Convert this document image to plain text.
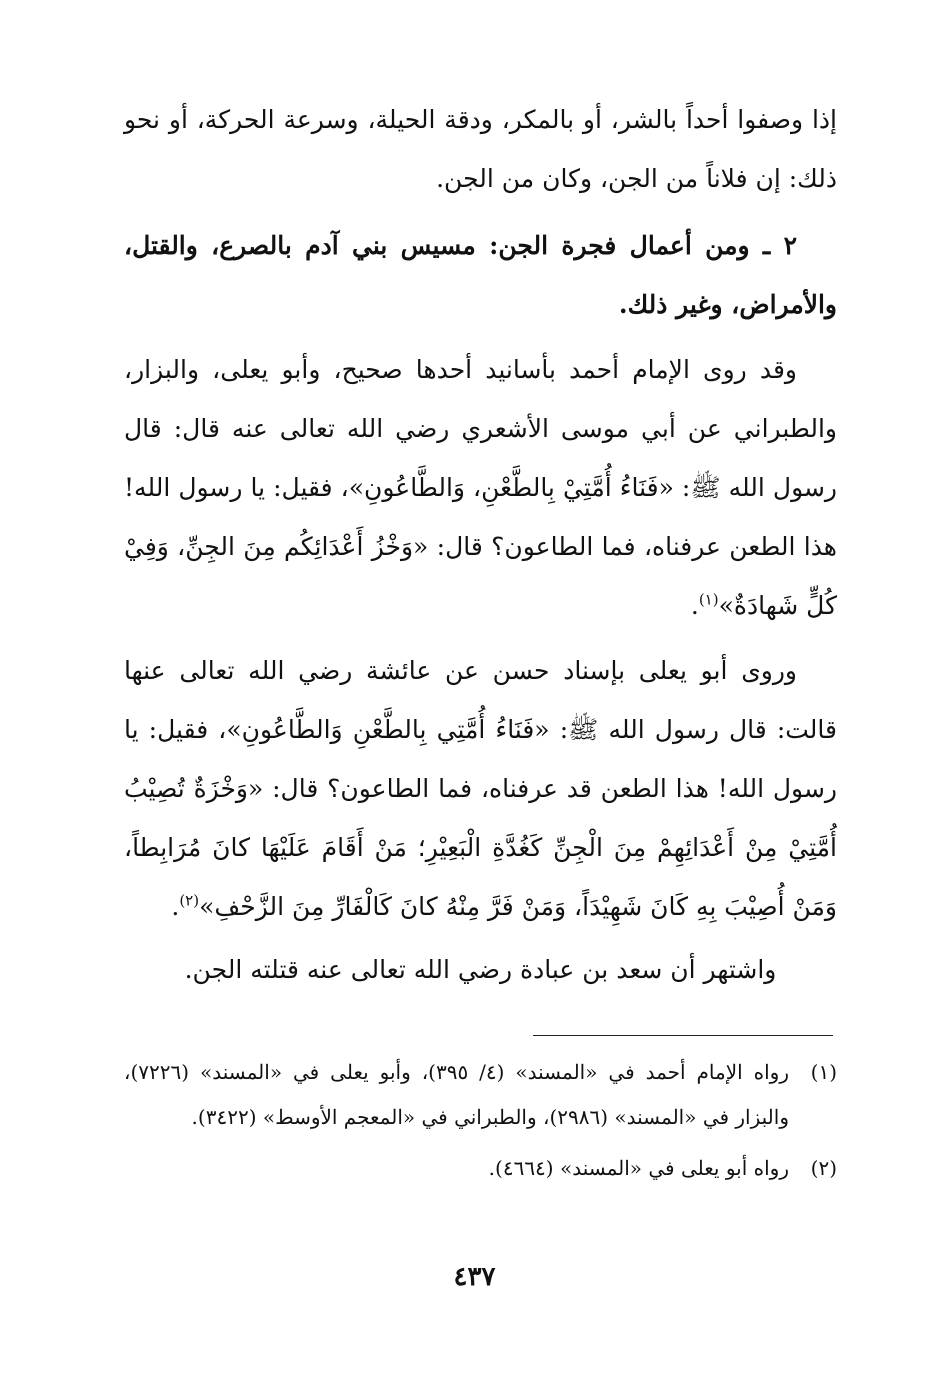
إذا وصفوا أحداً بالشر، أو بالمكر، ودقة الحيلة، وسرعة الحركة، أو نحو ذلك: إن فلاناً من الجن، وكان من الجن.

٢ ـ ومن أعمال فجرة الجن: مسيس بني آدم بالصرع، والقتل، والأمراض، وغير ذلك.

وقد روى الإمام أحمد بأسانيد أحدها صحيح، وأبو يعلى، والبزار، والطبراني عن أبي موسى الأشعري رضي الله تعالى عنه قال: قال رسول الله ﷺ: «فَنَاءُ أُمَّتِيْ بِالطَّعْنِ، وَالطَّاعُونِ»، فقيل: يا رسول الله! هذا الطعن عرفناه، فما الطاعون؟ قال: «وَخْزُ أَعْدَائِكُم مِنَ الجِنِّ، وَفِيْ كُلٍّ شَهادَةٌ»$^{(١)}$.

وروى أبو يعلى بإسناد حسن عن عائشة رضي الله تعالى عنها قالت: قال رسول الله ﷺ: «فَنَاءُ أُمَّتِي بِالطَّعْنِ وَالطَّاعُونِ»، فقيل: يا رسول الله! هذا الطعن قد عرفناه، فما الطاعون؟ قال: «وَخْزَةٌ تُصِيْبُ أُمَّتِيْ مِنْ أَعْدَائِهِمْ مِنَ الْجِنِّ كَغُدَّةِ الْبَعِيْرِ؛ مَنْ أَقَامَ عَلَيْهَا كانَ مُرَابِطاً، وَمَنْ أُصِيْبَ بِهِ كَانَ شَهِيْدَاً، وَمَنْ فَرَّ مِنْهُ كانَ كَالْفَارِّ مِنَ الزَّحْفِ»$^{(٢)}$.

واشتهر أن سعد بن عبادة رضي الله تعالى عنه قتلته الجن.

(١)
رواه الإمام أحمد في «المسند» (٤/ ٣٩٥)، وأبو يعلى في «المسند» (٧٢٢٦)، والبزار في «المسند» (٢٩٨٦)، والطبراني في «المعجم الأوسط» (٣٤٢٢).
(٢)
رواه أبو يعلى في «المسند» (٤٦٦٤).
٤٣٧
